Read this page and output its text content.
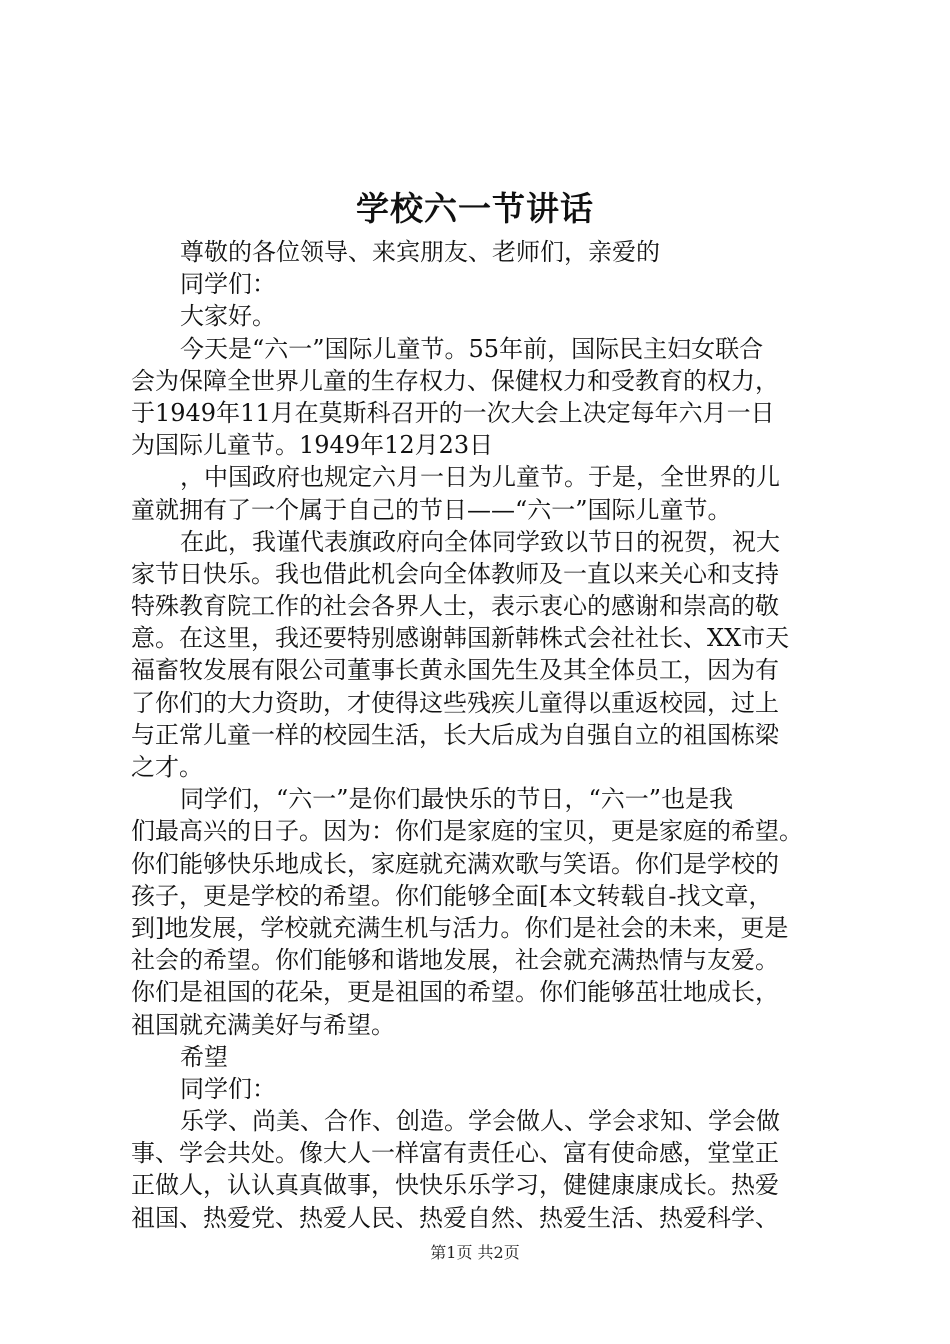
学校六一节讲话
尊敬的各位领导、来宾朋友、老师们，亲爱的
同学们：
大家好。
今天是“六一”国际儿童节。55年前，国际民主妇女联合
会为保障全世界儿童的生存权力、保健权力和受教育的权力，
于1949年11月在莫斯科召开的一次大会上决定每年六月一日
为国际儿童节。1949年12月23日
，中国政府也规定六月一日为儿童节。于是，全世界的儿
童就拥有了一个属于自己的节日——“六一”国际儿童节。
在此，我谨代表旗政府向全体同学致以节日的祝贺，祝大
家节日快乐。我也借此机会向全体教师及一直以来关心和支持
特殊教育院工作的社会各界人士，表示衷心的感谢和崇高的敬
意。在这里，我还要特别感谢韩国新韩株式会社社长、XX市天
福畜牧发展有限公司董事长黄永国先生及其全体员工，因为有
了你们的大力资助，才使得这些残疾儿童得以重返校园，过上
与正常儿童一样的校园生活，长大后成为自强自立的祖国栋梁
之才。
同学们，“六一”是你们最快乐的节日，“六一”也是我
们最高兴的日子。因为：你们是家庭的宝贝，更是家庭的希望。
你们能够快乐地成长，家庭就充满欢歌与笑语。你们是学校的
孩子，更是学校的希望。你们能够全面[本文转载自-找文章，
到]地发展，学校就充满生机与活力。你们是社会的未来，更是
社会的希望。你们能够和谐地发展，社会就充满热情与友爱。
你们是祖国的花朵，更是祖国的希望。你们能够茁壮地成长，
祖国就充满美好与希望。
希望
同学们：
乐学、尚美、合作、创造。学会做人、学会求知、学会做
事、学会共处。像大人一样富有责任心、富有使命感，堂堂正
正做人，认认真真做事，快快乐乐学习，健健康康成长。热爱
祖国、热爱党、热爱人民、热爱自然、热爱生活、热爱科学、
第1页 共2页
